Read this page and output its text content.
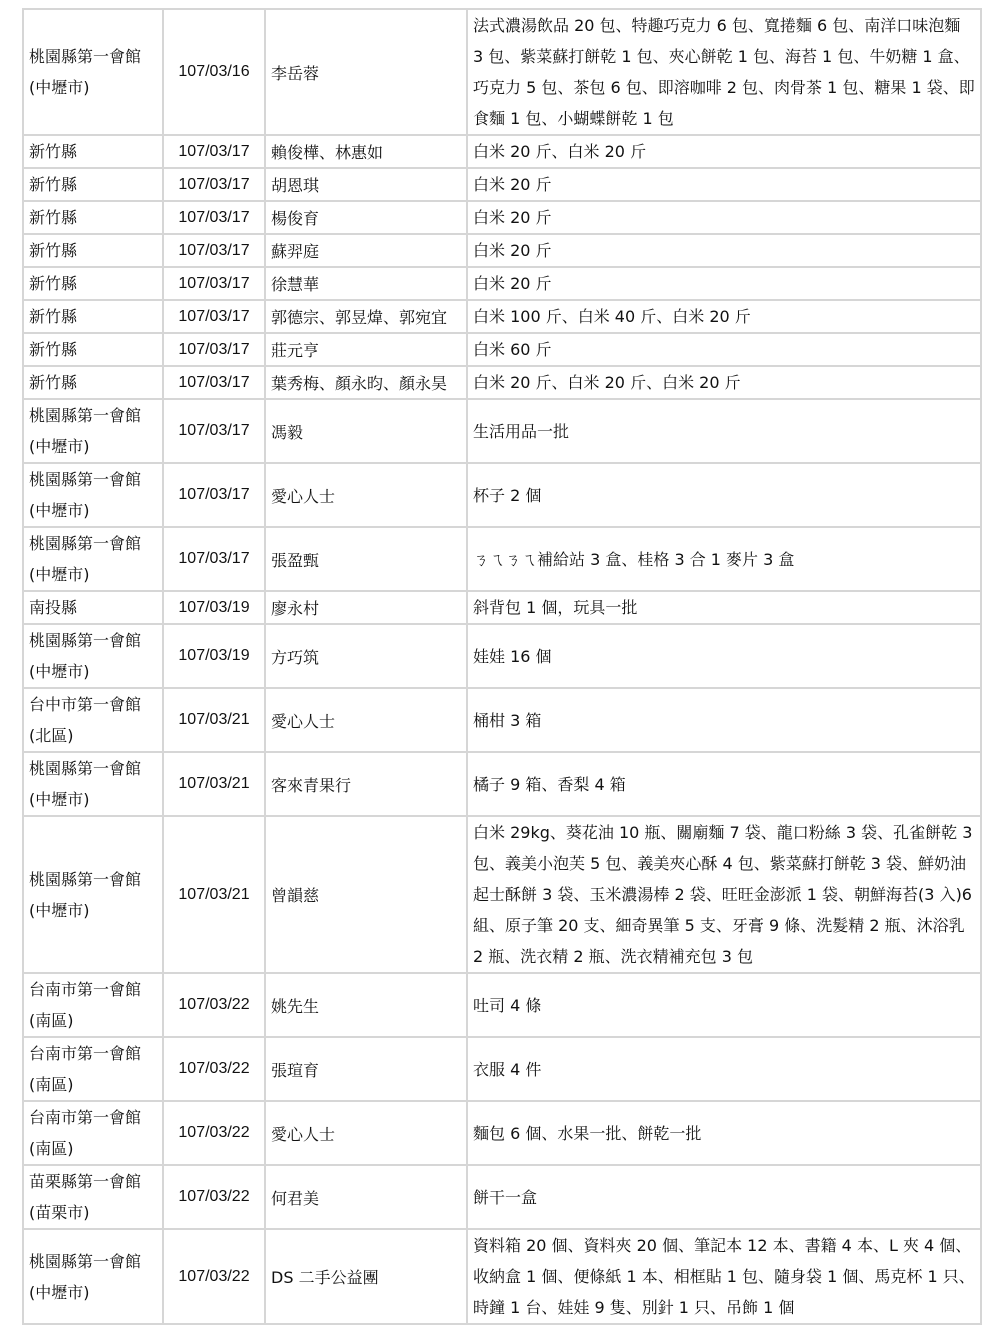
桃園縣第一會館
(中壢市)	107/03/16	李岳蓉	法式濃湯飲品 20 包、特趣巧克力 6 包、寬捲麵 6 包、南洋口味泡麵 3 包、紫菜蘇打餅乾 1 包、夾心餅乾 1 包、海苔 1 包、牛奶糖 1 盒、巧克力 5 包、茶包 6 包、即溶咖啡 2 包、肉骨茶 1 包、糖果 1 袋、即食麵 1 包、小蝴蝶餅乾 1 包

新竹縣	107/03/17	賴俊樺、林惠如	白米 20 斤、白米 20 斤

新竹縣	107/03/17	胡恩琪	白米 20 斤

新竹縣	107/03/17	楊俊育	白米 20 斤

新竹縣	107/03/17	蘇羿庭	白米 20 斤

新竹縣	107/03/17	徐慧華	白米 20 斤

新竹縣	107/03/17	郭德宗、郭昱煒、郭宛宜	白米 100 斤、白米 40 斤、白米 20 斤

新竹縣	107/03/17	莊元亨	白米 60 斤

新竹縣	107/03/17	葉秀梅、顏永昀、顏永昊	白米 20 斤、白米 20 斤、白米 20 斤

桃園縣第一會館
(中壢市)	107/03/17	馮毅	生活用品一批

桃園縣第一會館
(中壢市)	107/03/17	愛心人士	杯子 2 個

桃園縣第一會館
(中壢市)	107/03/17	張盈甄	ㄋㄟㄋㄟ補給站 3 盒、桂格 3 合 1 麥片 3 盒

南投縣	107/03/19	廖永村	斜背包 1 個，玩具一批

桃園縣第一會館
(中壢市)	107/03/19	方巧筑	娃娃 16 個

台中市第一會館
(北區)	107/03/21	愛心人士	桶柑 3 箱

桃園縣第一會館
(中壢市)	107/03/21	客來青果行	橘子 9 箱、香梨 4 箱

桃園縣第一會館
(中壢市)	107/03/21	曾韻慈	白米 29kg、葵花油 10 瓶、關廟麵 7 袋、龍口粉絲 3 袋、孔雀餅乾 3 包、義美小泡芙 5 包、義美夾心酥 4 包、紫菜蘇打餅乾 3 袋、鮮奶油起士酥餅 3 袋、玉米濃湯棒 2 袋、旺旺金澎派 1 袋、朝鮮海苔(3 入)6 組、原子筆 20 支、細奇異筆 5 支、牙膏 9 條、洗髮精 2 瓶、沐浴乳 2 瓶、洗衣精 2 瓶、洗衣精補充包 3 包

台南市第一會館
(南區)	107/03/22	姚先生	吐司 4 條

台南市第一會館
(南區)	107/03/22	張瑄育	衣服 4 件

台南市第一會館
(南區)	107/03/22	愛心人士	麵包 6 個、水果一批、餅乾一批

苗栗縣第一會館
(苗栗市)	107/03/22	何君美	餅干一盒

桃園縣第一會館
(中壢市)	107/03/22	DS 二手公益團	資料箱 20 個、資料夾 20 個、筆記本 12 本、書籍 4 本、L 夾 4 個、收納盒 1 個、便條紙 1 本、相框貼 1 包、隨身袋 1 個、馬克杯 1 只、時鐘 1 台、娃娃 9 隻、別針 1 只、吊飾 1 個
